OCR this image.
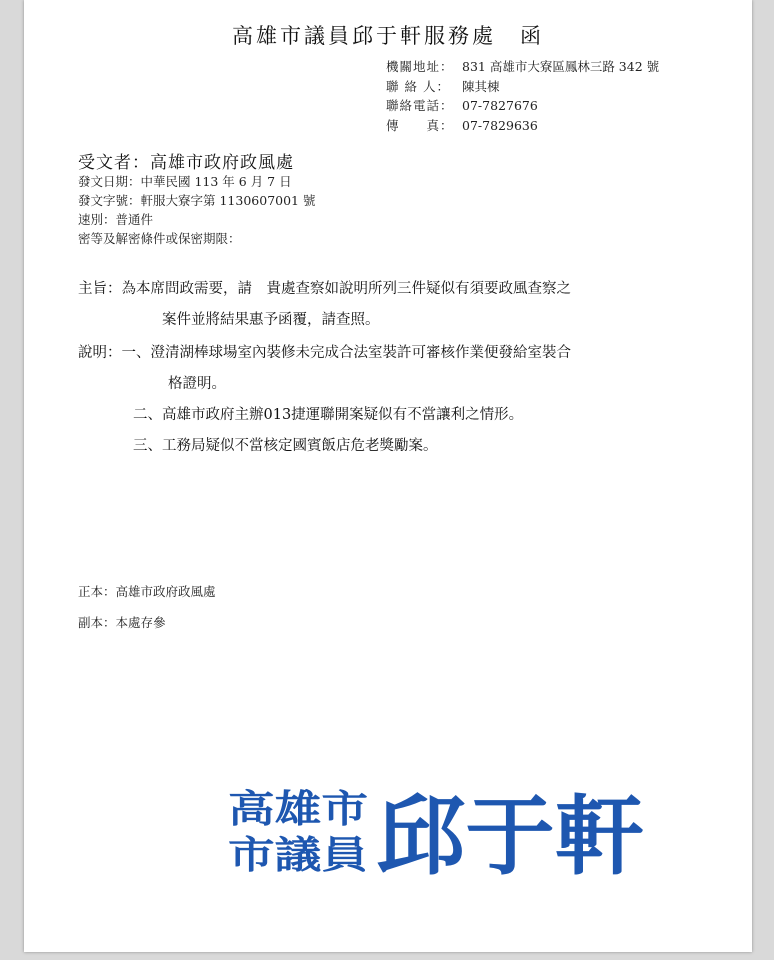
高雄市議員邱于軒服務處　函
機關地址： 831 高雄市大寮區鳳林三路 342 號
聯 絡 人： 陳其棟
聯絡電話： 07-7827676
傳　　真： 07-7829636
受文者：高雄市政府政風處
發文日期：中華民國 113 年 6 月 7 日
發文字號：軒服大寮字第 1130607001 號
速別：普通件
密等及解密條件或保密期限：
主旨：為本席問政需要，請　貴處查察如說明所列三件疑似有須要政風查察之
案件並將結果惠予函覆，請查照。
說明：一、澄清湖棒球場室內裝修未完成合法室裝許可審核作業便發給室裝合
格證明。
二、高雄市政府主辦013捷運聯開案疑似有不當讓利之情形。
三、工務局疑似不當核定國賓飯店危老獎勵案。
正本：高雄市政府政風處
副本：本處存參
高雄市
市議員 邱于軒
